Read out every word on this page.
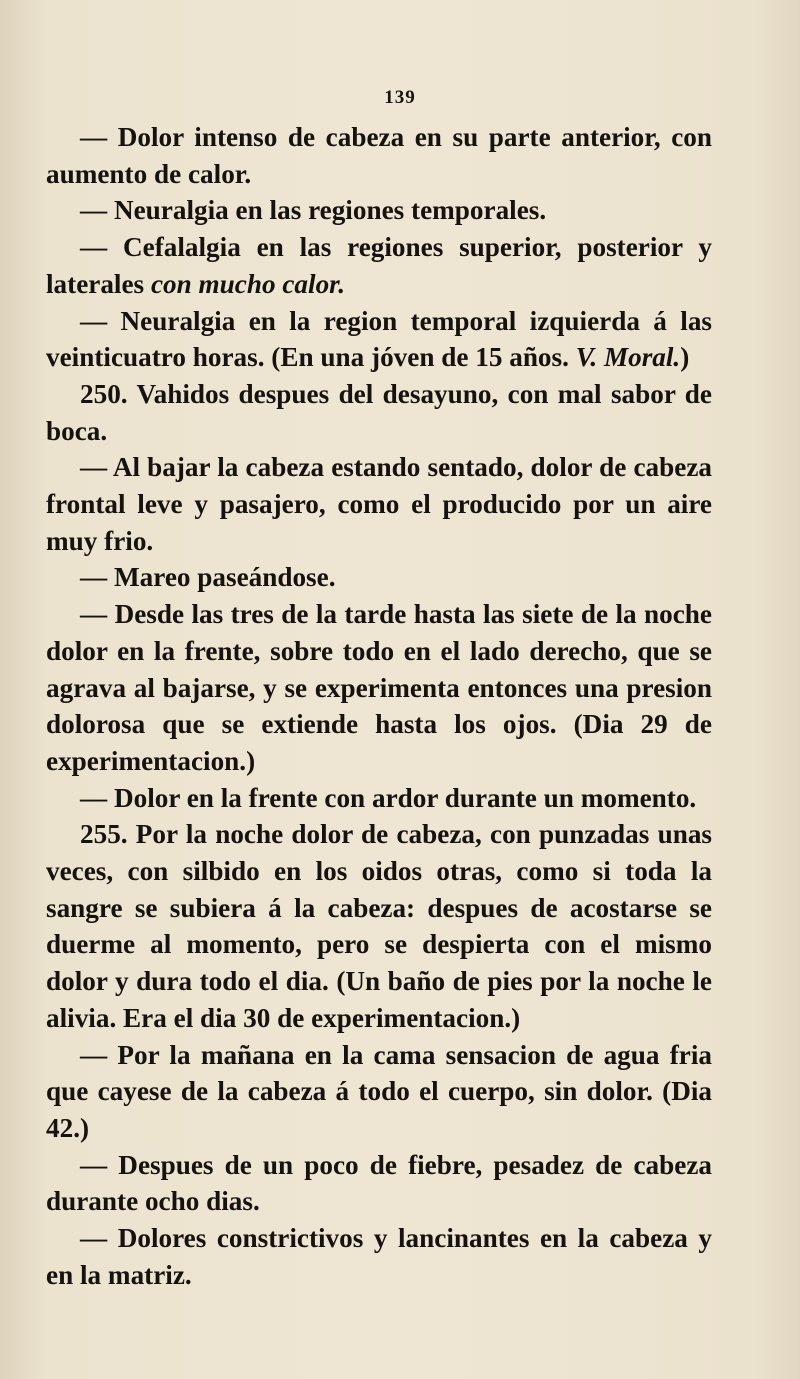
139

— Dolor intenso de cabeza en su parte anterior, con aumento de calor.

— Neuralgia en las regiones temporales.

— Cefalalgia en las regiones superior, posterior y laterales con mucho calor.

— Neuralgia en la region temporal izquierda á las veinticuatro horas. (En una jóven de 15 años. V. Moral.)

250. Vahidos despues del desayuno, con mal sabor de boca.

— Al bajar la cabeza estando sentado, dolor de cabeza frontal leve y pasajero, como el producido por un aire muy frio.

— Mareo paseándose.

— Desde las tres de la tarde hasta las siete de la noche dolor en la frente, sobre todo en el lado derecho, que se agrava al bajarse, y se experimenta entonces una presion dolorosa que se extiende hasta los ojos. (Dia 29 de experimentacion.)

— Dolor en la frente con ardor durante un momento.

255. Por la noche dolor de cabeza, con punzadas unas veces, con silbido en los oidos otras, como si toda la sangre se subiera á la cabeza: despues de acostarse se duerme al momento, pero se despierta con el mismo dolor y dura todo el dia. (Un baño de pies por la noche le alivia. Era el dia 30 de experimentacion.)

— Por la mañana en la cama sensacion de agua fria que cayese de la cabeza á todo el cuerpo, sin dolor. (Dia 42.)

— Despues de un poco de fiebre, pesadez de cabeza durante ocho dias.

— Dolores constrictivos y lancinantes en la cabeza y en la matriz.
